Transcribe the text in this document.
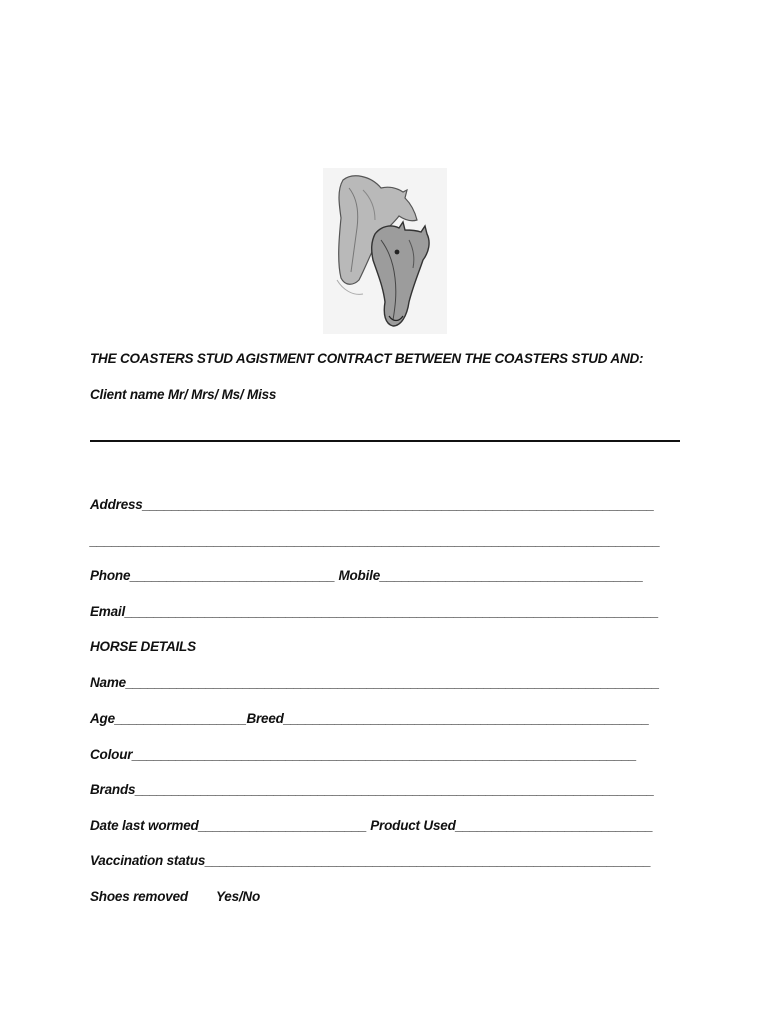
THE COASTERS STUD AGISTMENT CONTRACT BETWEEN THE COASTERS STUD AND:
Client name Mr/ Mrs/ Ms/ Miss
Address______________________________________________________________________
______________________________________________________________________________
Phone____________________________ Mobile____________________________________
Email_________________________________________________________________________
HORSE DETAILS
Name_________________________________________________________________________
Age__________________Breed__________________________________________________
Colour_____________________________________________________________________
Brands_______________________________________________________________________
Date last wormed_______________________ Product Used___________________________
Vaccination status_____________________________________________________________
Shoes removed Yes/No
